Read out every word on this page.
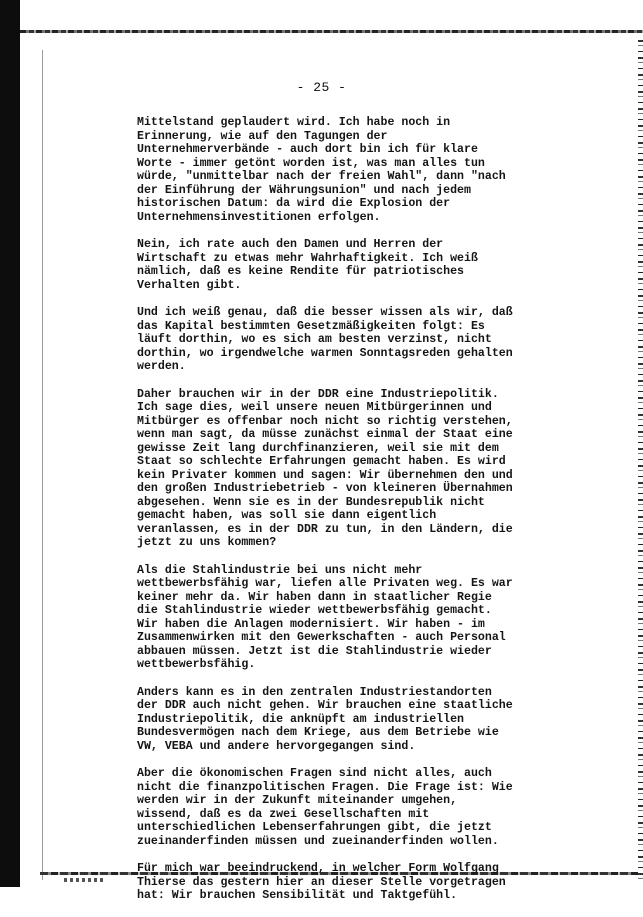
- 25 -
Mittelstand geplaudert wird. Ich habe noch in
Erinnerung, wie auf den Tagungen der
Unternehmerverbände - auch dort bin ich für klare
Worte - immer getönt worden ist, was man alles tun
würde, "unmittelbar nach der freien Wahl", dann "nach
der Einführung der Währungsunion" und nach jedem
historischen Datum: da wird die Explosion der
Unternehmensinvestitionen erfolgen.
Nein, ich rate auch den Damen und Herren der
Wirtschaft zu etwas mehr Wahrhaftigkeit. Ich weiß
nämlich, daß es keine Rendite für patriotisches
Verhalten gibt.
Und ich weiß genau, daß die besser wissen als wir, daß
das Kapital bestimmten Gesetzmäßigkeiten folgt: Es
läuft dorthin, wo es sich am besten verzinst, nicht
dorthin, wo irgendwelche warmen Sonntagsreden gehalten
werden.
Daher brauchen wir in der DDR eine Industriepolitik.
Ich sage dies, weil unsere neuen Mitbürgerinnen und
Mitbürger es offenbar noch nicht so richtig verstehen,
wenn man sagt, da müsse zunächst einmal der Staat eine
gewisse Zeit lang durchfinanzieren, weil sie mit dem
Staat so schlechte Erfahrungen gemacht haben. Es wird
kein Privater kommen und sagen: Wir übernehmen den und
den großen Industriebetrieb - von kleineren Übernahmen
abgesehen. Wenn sie es in der Bundesrepublik nicht
gemacht haben, was soll sie dann eigentlich
veranlassen, es in der DDR zu tun, in den Ländern, die
jetzt zu uns kommen?
Als die Stahlindustrie bei uns nicht mehr
wettbewerbsfähig war, liefen alle Privaten weg. Es war
keiner mehr da. Wir haben dann in staatlicher Regie
die Stahlindustrie wieder wettbewerbsfähig gemacht.
Wir haben die Anlagen modernisiert. Wir haben - im
Zusammenwirken mit den Gewerkschaften - auch Personal
abbauen müssen. Jetzt ist die Stahlindustrie wieder
wettbewerbsfähig.
Anders kann es in den zentralen Industriestandorten
der DDR auch nicht gehen. Wir brauchen eine staatliche
Industriepolitik, die anknüpft am industriellen
Bundesvermögen nach dem Kriege, aus dem Betriebe wie
VW, VEBA und andere hervorgegangen sind.
Aber die ökonomischen Fragen sind nicht alles, auch
nicht die finanzpolitischen Fragen. Die Frage ist: Wie
werden wir in der Zukunft miteinander umgehen,
wissend, daß es da zwei Gesellschaften mit
unterschiedlichen Lebenserfahrungen gibt, die jetzt
zueinanderfinden müssen und zueinanderfinden wollen.
Für mich war beeindruckend, in welcher Form Wolfgang
Thierse das gestern hier an dieser Stelle vorgetragen
hat: Wir brauchen Sensibilität und Taktgefühl.
